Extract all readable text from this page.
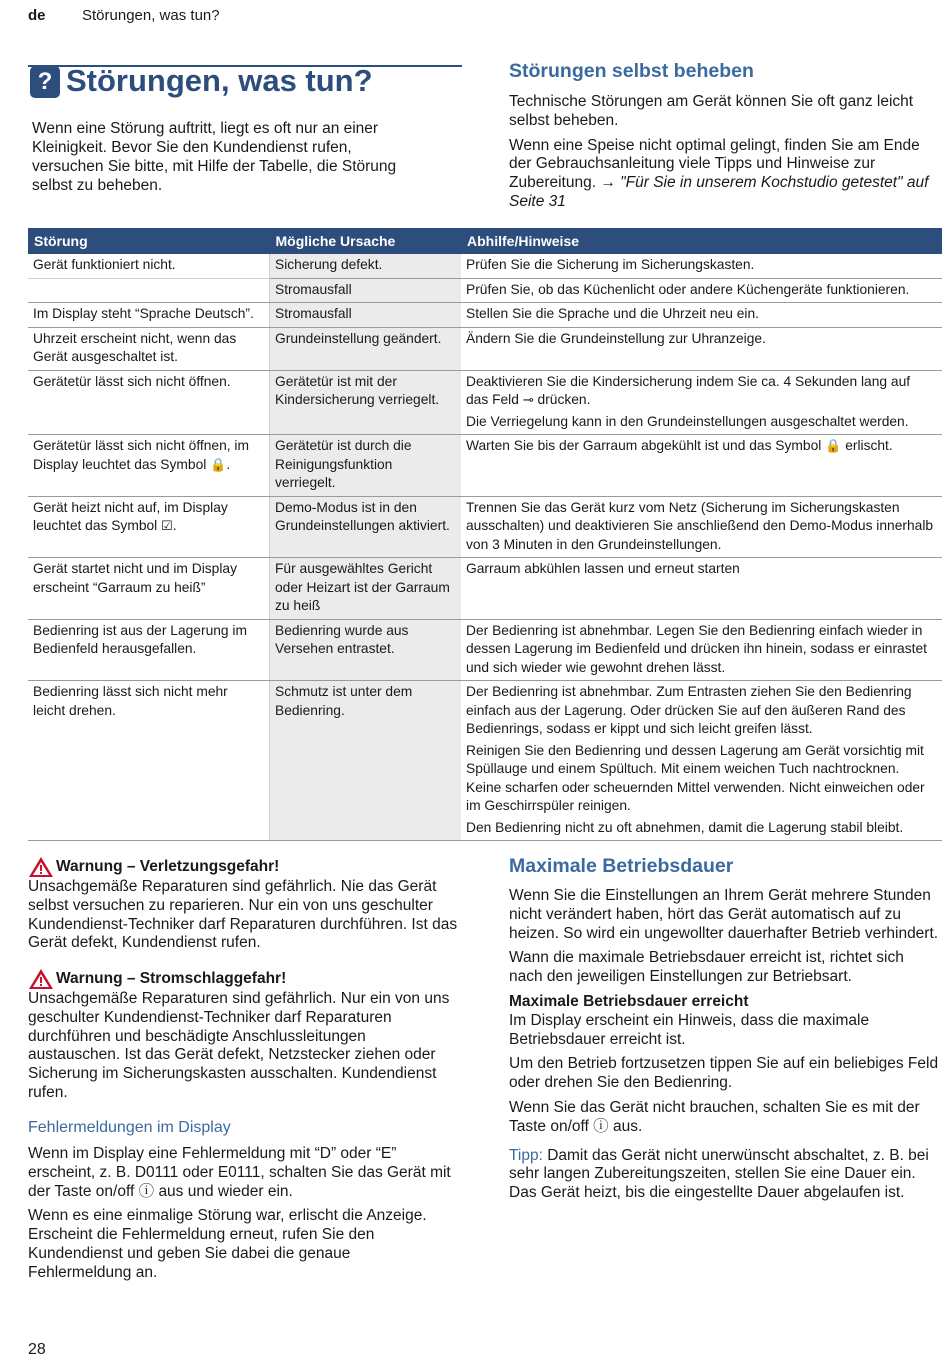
de Störungen, was tun?
? Störungen, was tun?
Wenn eine Störung auftritt, liegt es oft nur an einer
Kleinigkeit. Bevor Sie den Kundendienst rufen,
versuchen Sie bitte, mit Hilfe der Tabelle, die Störung
selbst zu beheben.
Störungen selbst beheben

Technische Störungen am Gerät können Sie oft ganz leicht selbst beheben.

Wenn eine Speise nicht optimal gelingt, finden Sie am Ende der Gebrauchsanleitung viele Tipps und Hinweise zur Zubereitung. → "Für Sie in unserem Kochstudio getestet" auf Seite 31

Störung	Mögliche Ursache	Abhilfe/Hinweise
Gerät funktioniert nicht.	Sicherung defekt.	Prüfen Sie die Sicherung im Sicherungskasten.
	Stromausfall	Prüfen Sie, ob das Küchenlicht oder andere Küchengeräte funktionieren.
Im Display steht “Sprache Deutsch”.	Stromausfall	Stellen Sie die Sprache und die Uhrzeit neu ein.
Uhrzeit erscheint nicht, wenn das Gerät ausgeschaltet ist.	Grundeinstellung geändert.	Ändern Sie die Grundeinstellung zur Uhranzeige.
Gerätetür lässt sich nicht öffnen.	Gerätetür ist mit der Kindersicherung verriegelt.	Deaktivieren Sie die Kindersicherung indem Sie ca. 4 Sekunden lang auf das Feld ⊸ drücken.
Die Verriegelung kann in den Grundeinstellungen ausgeschaltet werden.

Gerätetür lässt sich nicht öffnen, im Display leuchtet das Symbol 🔒.	Gerätetür ist durch die Reinigungsfunktion verriegelt.	Warten Sie bis der Garraum abgekühlt ist und das Symbol 🔒 erlischt.
Gerät heizt nicht auf, im Display leuchtet das Symbol ☑.	Demo-Modus ist in den Grundeinstellungen aktiviert.	Trennen Sie das Gerät kurz vom Netz (Sicherung im Sicherungskasten ausschalten) und deaktivieren Sie anschließend den Demo-Modus innerhalb von 3 Minuten in den Grundeinstellungen.
Gerät startet nicht und im Display erscheint “Garraum zu heiß”	Für ausgewähltes Gericht oder Heizart ist der Garraum zu heiß	Garraum abkühlen lassen und erneut starten
Bedienring ist aus der Lagerung im Bedienfeld herausgefallen.	Bedienring wurde aus Versehen entrastet.	Der Bedienring ist abnehmbar. Legen Sie den Bedienring einfach wieder in dessen Lagerung im Bedienfeld und drücken ihn hinein, sodass er einrastet und sich wieder wie gewohnt drehen lässt.
Bedienring lässt sich nicht mehr leicht drehen.	Schmutz ist unter dem Bedienring.	Der Bedienring ist abnehmbar. Zum Entrasten ziehen Sie den Bedienring einfach aus der Lagerung. Oder drücken Sie auf den äußeren Rand des Bedienrings, sodass er kippt und sich leicht greifen lässt.
Reinigen Sie den Bedienring und dessen Lagerung am Gerät vorsichtig mit Spüllauge und einem Spültuch. Mit einem weichen Tuch nachtrocknen. Keine scharfen oder scheuernden Mittel verwenden. Nicht einweichen oder im Geschirrspüler reinigen.
Den Bedienring nicht zu oft abnehmen, damit die Lagerung stabil bleibt.
Warnung – Verletzungsgefahr!
Unsachgemäße Reparaturen sind gefährlich. Nie das Gerät selbst versuchen zu reparieren. Nur ein von uns geschulter Kundendienst-Techniker darf Reparaturen durchführen. Ist das Gerät defekt, Kundendienst rufen.
Warnung – Stromschlaggefahr!
Unsachgemäße Reparaturen sind gefährlich. Nur ein von uns geschulter Kundendienst-Techniker darf Reparaturen durchführen und beschädigte Anschlussleitungen austauschen. Ist das Gerät defekt, Netzstecker ziehen oder Sicherung im Sicherungskasten ausschalten. Kundendienst rufen.
Fehlermeldungen im Display

Wenn im Display eine Fehlermeldung mit “D” oder “E” erscheint, z. B. D0111 oder E0111, schalten Sie das Gerät mit der Taste on/off ⓘ aus und wieder ein.

Wenn es eine einmalige Störung war, erlischt die Anzeige. Erscheint die Fehlermeldung erneut, rufen Sie den Kundendienst und geben Sie dabei die genaue Fehlermeldung an.

Maximale Betriebsdauer

Wenn Sie die Einstellungen an Ihrem Gerät mehrere Stunden nicht verändert haben, hört das Gerät automatisch auf zu heizen. So wird ein ungewollter dauerhafter Betrieb verhindert.

Wann die maximale Betriebsdauer erreicht ist, richtet sich nach den jeweiligen Einstellungen zur Betriebsart.

Maximale Betriebsdauer erreicht

Im Display erscheint ein Hinweis, dass die maximale Betriebsdauer erreicht ist.

Um den Betrieb fortzusetzen tippen Sie auf ein beliebiges Feld oder drehen Sie den Bedienring.

Wenn Sie das Gerät nicht brauchen, schalten Sie es mit der Taste on/off ⓘ aus.

Tipp: Damit das Gerät nicht unerwünscht abschaltet, z. B. bei sehr langen Zubereitungszeiten, stellen Sie eine Dauer ein. Das Gerät heizt, bis die eingestellte Dauer abgelaufen ist.

28
